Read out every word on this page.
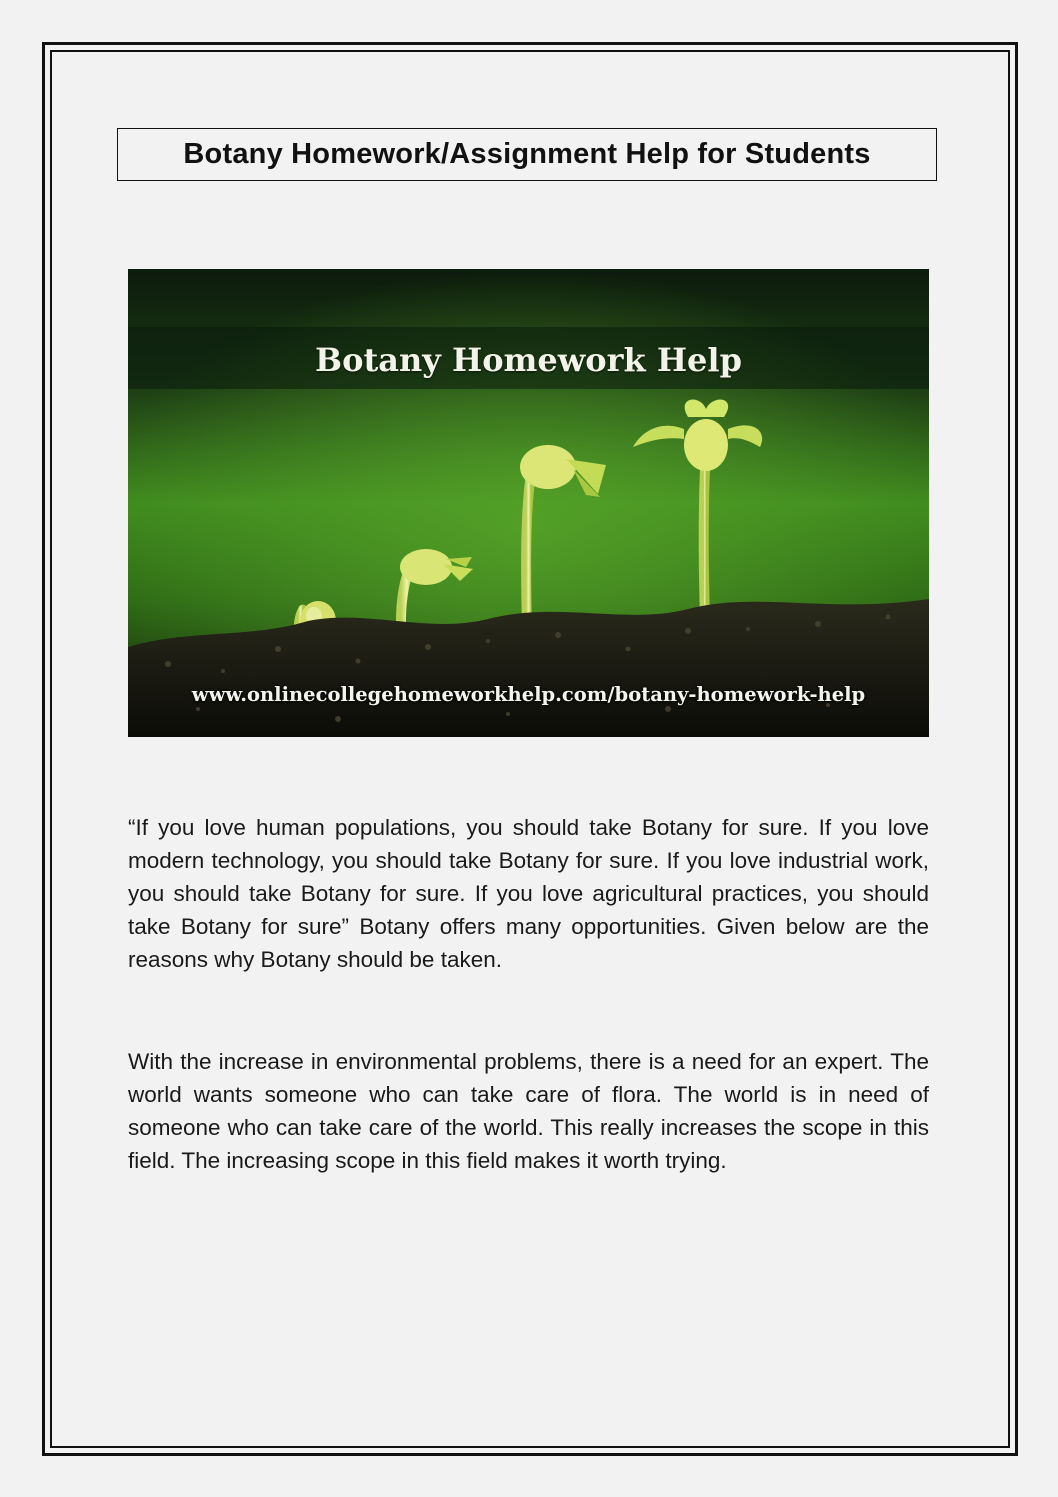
Botany Homework/Assignment Help for Students
Botany Homework Help
www.onlinecollegehomeworkhelp.com/botany-homework-help

“If you love human populations, you should take Botany for sure. If you love modern technology, you should take Botany for sure. If you love industrial work, you should take Botany for sure. If you love agricultural practices, you should take Botany for sure” Botany offers many opportunities. Given below are the reasons why Botany should be taken.

With the increase in environmental problems, there is a need for an expert. The world wants someone who can take care of flora. The world is in need of someone who can take care of the world. This really increases the scope in this field. The increasing scope in this field makes it worth trying.
